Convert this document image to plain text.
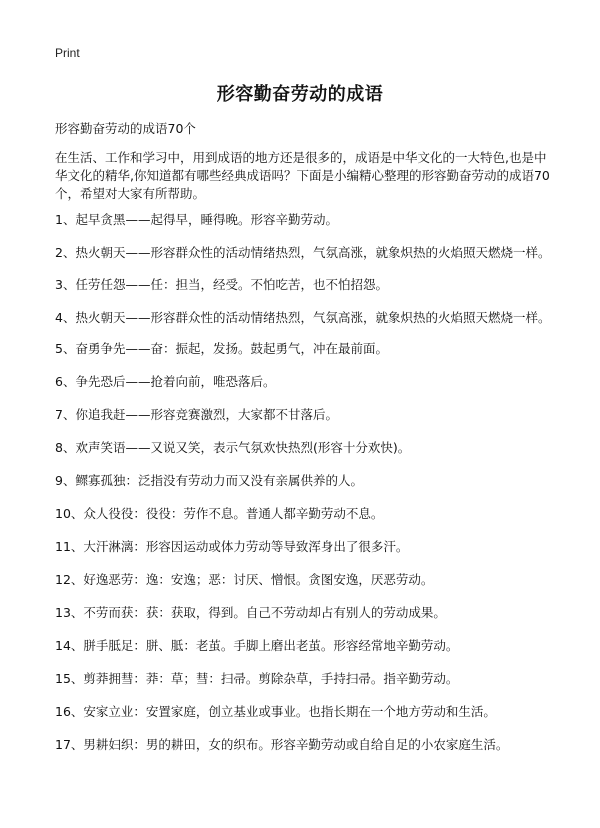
Print
形容勤奋劳动的成语

形容勤奋劳动的成语70个

在生活、工作和学习中，用到成语的地方还是很多的，成语是中华文化的一大特色,也是中华文化的精华,你知道都有哪些经典成语吗？下面是小编精心整理的形容勤奋劳动的成语70个，希望对大家有所帮助。

1、起早贪黑——起得早，睡得晚。形容辛勤劳动。
2、热火朝天——形容群众性的活动情绪热烈，气氛高涨，就象炽热的火焰照天燃烧一样。
3、任劳任怨——任：担当，经受。不怕吃苦，也不怕招怨。
4、热火朝天——形容群众性的活动情绪热烈，气氛高涨，就象炽热的火焰照天燃烧一样。
5、奋勇争先——奋：振起，发扬。鼓起勇气，冲在最前面。
6、争先恐后——抢着向前，唯恐落后。
7、你追我赶——形容竞赛激烈，大家都不甘落后。
8、欢声笑语——又说又笑，表示气氛欢快热烈(形容十分欢快)。
9、鳏寡孤独：泛指没有劳动力而又没有亲属供养的人。
10、众人役役：役役：劳作不息。普通人都辛勤劳动不息。
11、大汗淋漓：形容因运动或体力劳动等导致浑身出了很多汗。
12、好逸恶劳：逸：安逸；恶：讨厌、憎恨。贪图安逸，厌恶劳动。
13、不劳而获：获：获取，得到。自己不劳动却占有别人的劳动成果。
14、胼手胝足：胼、胝：老茧。手脚上磨出老茧。形容经常地辛勤劳动。
15、剪莽拥彗：莽：草；彗：扫帚。剪除杂草，手持扫帚。指辛勤劳动。
16、安家立业：安置家庭，创立基业或事业。也指长期在一个地方劳动和生活。
17、男耕妇织：男的耕田，女的织布。形容辛勤劳动或自给自足的小农家庭生活。
